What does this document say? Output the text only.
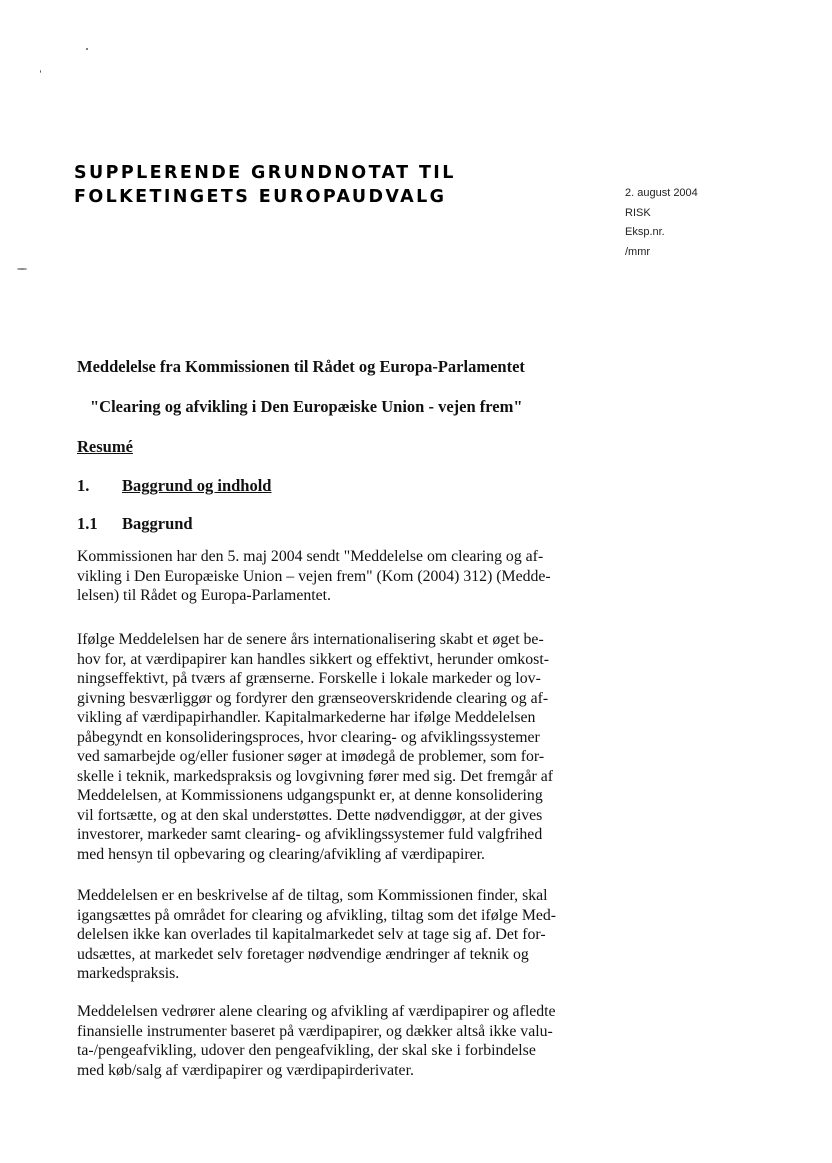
SUPPLERENDE GRUNDNOTAT TIL
FOLKETINGETS EUROPAUDVALG	2. august 2004
RISK
Eksp.nr.
/mmr
Meddelelse fra Kommissionen til Rådet og Europa-Parlamentet
"Clearing og afvikling i Den Europæiske Union - vejen frem"
Resumé
1. Baggrund og indhold
1.1 Baggrund
Kommissionen har den 5. maj 2004 sendt "Meddelelse om clearing og af-
vikling i Den Europæiske Union – vejen frem" (Kom (2004) 312) (Medde-
lelsen) til Rådet og Europa-Parlamentet.
Ifølge Meddelelsen har de senere års internationalisering skabt et øget be-
hov for, at værdipapirer kan handles sikkert og effektivt, herunder omkost-
ningseffektivt, på tværs af grænserne. Forskelle i lokale markeder og lov-
givning besværliggør og fordyrer den grænseoverskridende clearing og af-
vikling af værdipapirhandler. Kapitalmarkederne har ifølge Meddelelsen
påbegyndt en konsolideringsproces, hvor clearing- og afviklingssystemer
ved samarbejde og/eller fusioner søger at imødegå de problemer, som for-
skelle i teknik, markedspraksis og lovgivning fører med sig. Det fremgår af
Meddelelsen, at Kommissionens udgangspunkt er, at denne konsolidering
vil fortsætte, og at den skal understøttes. Dette nødvendiggør, at der gives
investorer, markeder samt clearing- og afviklingssystemer fuld valgfrihed
med hensyn til opbevaring og clearing/afvikling af værdipapirer.
Meddelelsen er en beskrivelse af de tiltag, som Kommissionen finder, skal
igangsættes på området for clearing og afvikling, tiltag som det ifølge Med-
delelsen ikke kan overlades til kapitalmarkedet selv at tage sig af. Det for-
udsættes, at markedet selv foretager nødvendige ændringer af teknik og
markedspraksis.
Meddelelsen vedrører alene clearing og afvikling af værdipapirer og afledte
finansielle instrumenter baseret på værdipapirer, og dækker altså ikke valu-
ta-/pengeafvikling, udover den pengeafvikling, der skal ske i forbindelse
med køb/salg af værdipapirer og værdipapirderivater.
